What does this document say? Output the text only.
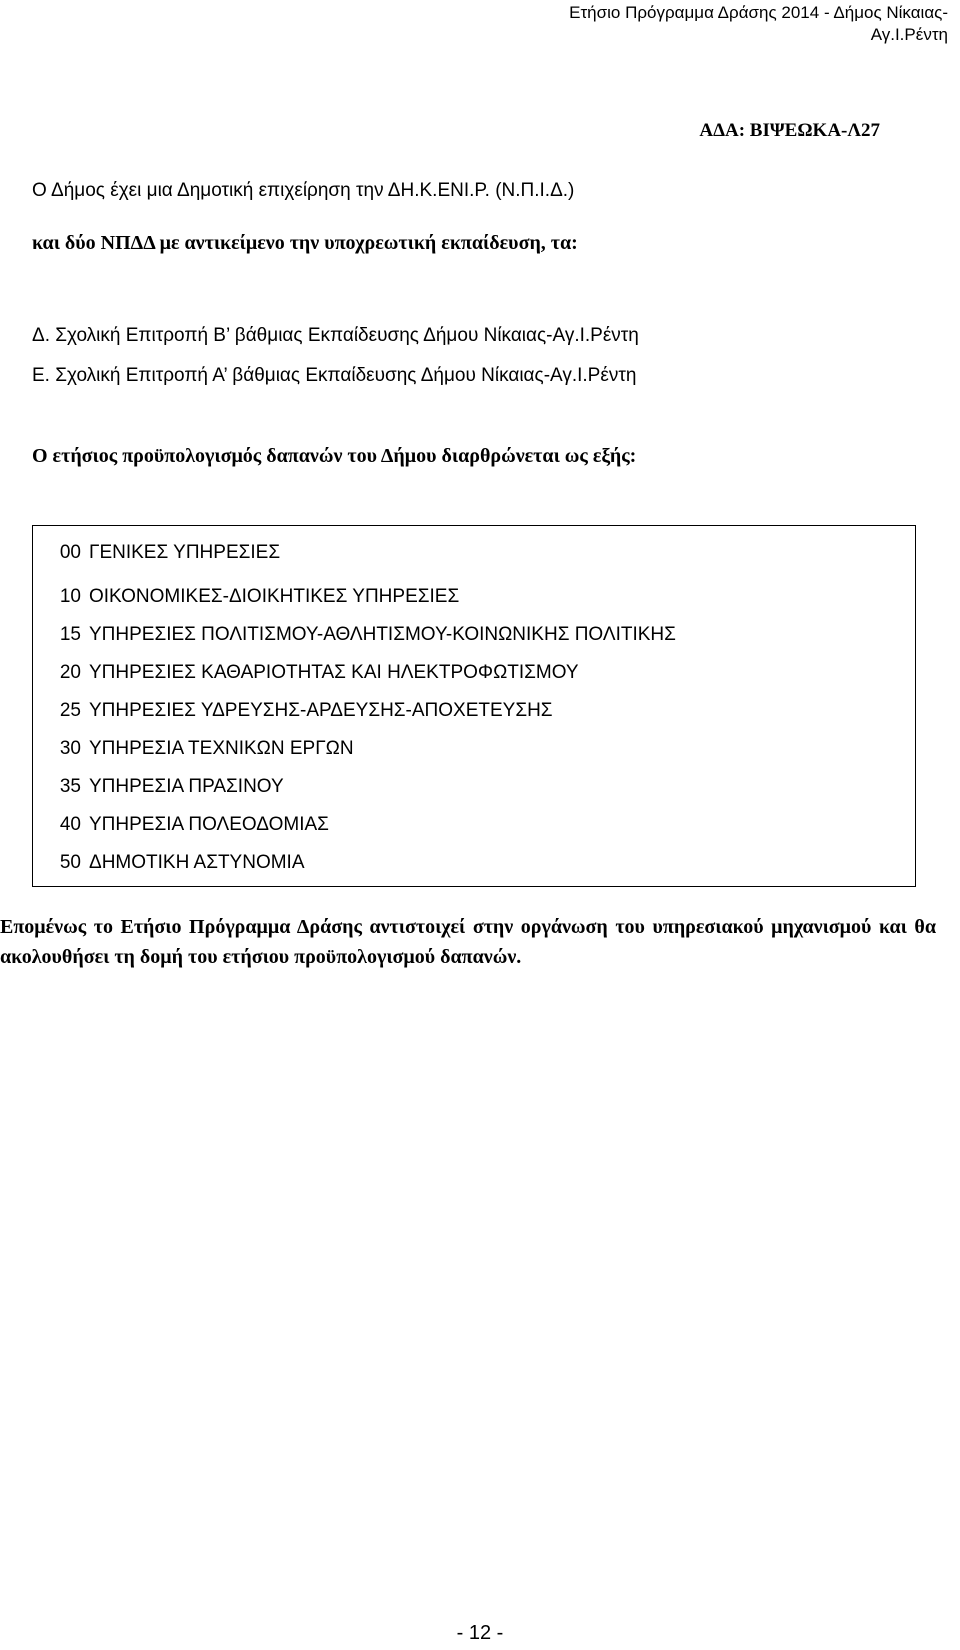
Ετήσιο Πρόγραμμα Δράσης 2014 - Δήμος Νίκαιας-
Αγ.Ι.Ρέντη
ΑΔΑ: ΒΙΨΕΩΚΑ-Λ27
Ο Δήμος έχει μια Δημοτική επιχείρηση την ΔΗ.Κ.ΕΝΙ.Ρ. (Ν.Π.Ι.Δ.)
και δύο ΝΠΔΔ με αντικείμενο την υποχρεωτική εκπαίδευση, τα:
Δ. Σχολική Επιτροπή Β’ βάθμιας Εκπαίδευσης Δήμου Νίκαιας-Αγ.Ι.Ρέντη
Ε. Σχολική Επιτροπή Α’ βάθμιας Εκπαίδευσης Δήμου Νίκαιας-Αγ.Ι.Ρέντη
Ο ετήσιος προϋπολογισμός δαπανών του Δήμου διαρθρώνεται ως εξής:
00 ΓΕΝΙΚΕΣ ΥΠΗΡΕΣΙΕΣ
10 ΟΙΚΟΝΟΜΙΚΕΣ-ΔΙΟΙΚΗΤΙΚΕΣ ΥΠΗΡΕΣΙΕΣ
15 ΥΠΗΡΕΣΙΕΣ ΠΟΛΙΤΙΣΜΟΥ-ΑΘΛΗΤΙΣΜΟΥ-ΚΟΙΝΩΝΙΚΗΣ ΠΟΛΙΤΙΚΗΣ
20 ΥΠΗΡΕΣΙΕΣ ΚΑΘΑΡΙΟΤΗΤΑΣ ΚΑΙ ΗΛΕΚΤΡΟΦΩΤΙΣΜΟΥ
25 ΥΠΗΡΕΣΙΕΣ ΥΔΡΕΥΣΗΣ-ΑΡΔΕΥΣΗΣ-ΑΠΟΧΕΤΕΥΣΗΣ
30 ΥΠΗΡΕΣΙΑ ΤΕΧΝΙΚΩΝ ΕΡΓΩΝ
35 ΥΠΗΡΕΣΙΑ ΠΡΑΣΙΝΟΥ
40 ΥΠΗΡΕΣΙΑ ΠΟΛΕΟΔΟΜΙΑΣ
50 ΔΗΜΟΤΙΚΗ ΑΣΤΥΝΟΜΙΑ
Επομένως το Ετήσιο Πρόγραμμα Δράσης αντιστοιχεί στην οργάνωση του υπηρεσιακού μηχανισμού και θα ακολουθήσει τη δομή του ετήσιου προϋπολογισμού δαπανών.
- 12 -
